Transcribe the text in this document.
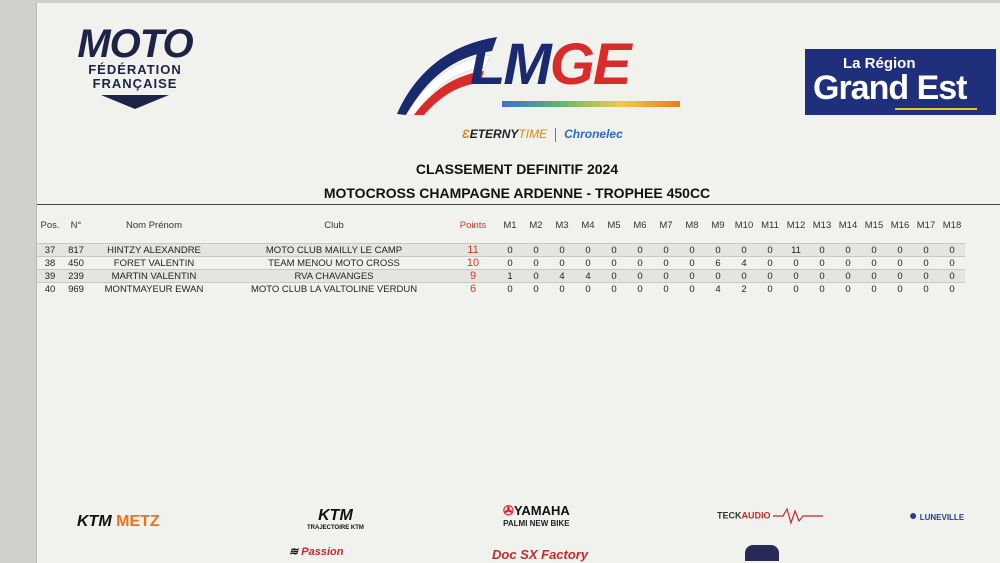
MOTO
FÉDÉRATION
FRANÇAISE	LMGE
ƐETERNYTIME Chronelec
La Région
Grand Est
CLASSEMENT DEFINITIF 2024
MOTOCROSS CHAMPAGNE ARDENNE - TROPHEE 450CC
Pos.	N°	Nom Prénom	Club	Points	M1	M2	M3	M4	M5	M6	M7	M8	M9	M10	M11	M12	M13	M14	M15	M16	M17	M18

37	817	HINTZY ALEXANDRE	MOTO CLUB MAILLY LE CAMP	11	0	0	0	0	0	0	0	0	0	0	0	11	0	0	0	0	0	0
38	450	FORET VALENTIN	TEAM MENOU MOTO CROSS	10	0	0	0	0	0	0	0	0	6	4	0	0	0	0	0	0	0	0
39	239	MARTIN VALENTIN	RVA CHAVANGES	9	1	0	4	4	0	0	0	0	0	0	0	0	0	0	0	0	0	0
40	969	MONTMAYEUR EWAN	MOTO CLUB LA VALTOLINE VERDUN	6	0	0	0	0	0	0	0	0	4	2	0	0	0	0	0	0	0	0
KTM METZ	KTM
TRAJECTOIRE KTM
✇YAMAHA
PALMI NEW BIKE
TECKAUDIO	● LUNEVILLE
≋ Passion	Doc SX Factory
